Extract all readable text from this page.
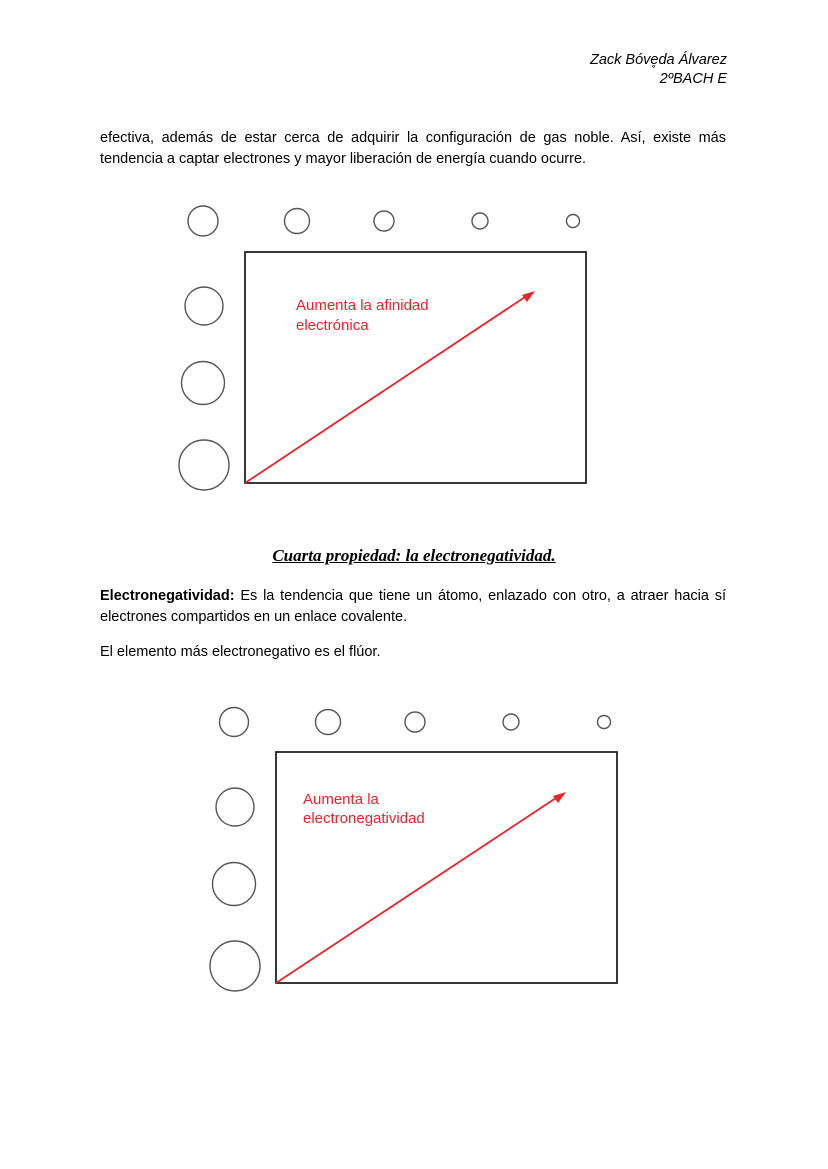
Zack Bóve̥da Álvarez
2ºBACH E

efectiva, además de estar cerca de adquirir la configuración de gas noble. Así, existe más tendencia a captar electrones y mayor liberación de energía cuando ocurre.

Aumenta la afinidad
electrónica
Cuarta propiedad: la electronegatividad.

Electronegatividad: Es la tendencia que tiene un átomo, enlazado con otro, a atraer hacia sí electrones compartidos en un enlace covalente.

El elemento más electronegativo es el flúor.

Aumenta la
electronegatividad
